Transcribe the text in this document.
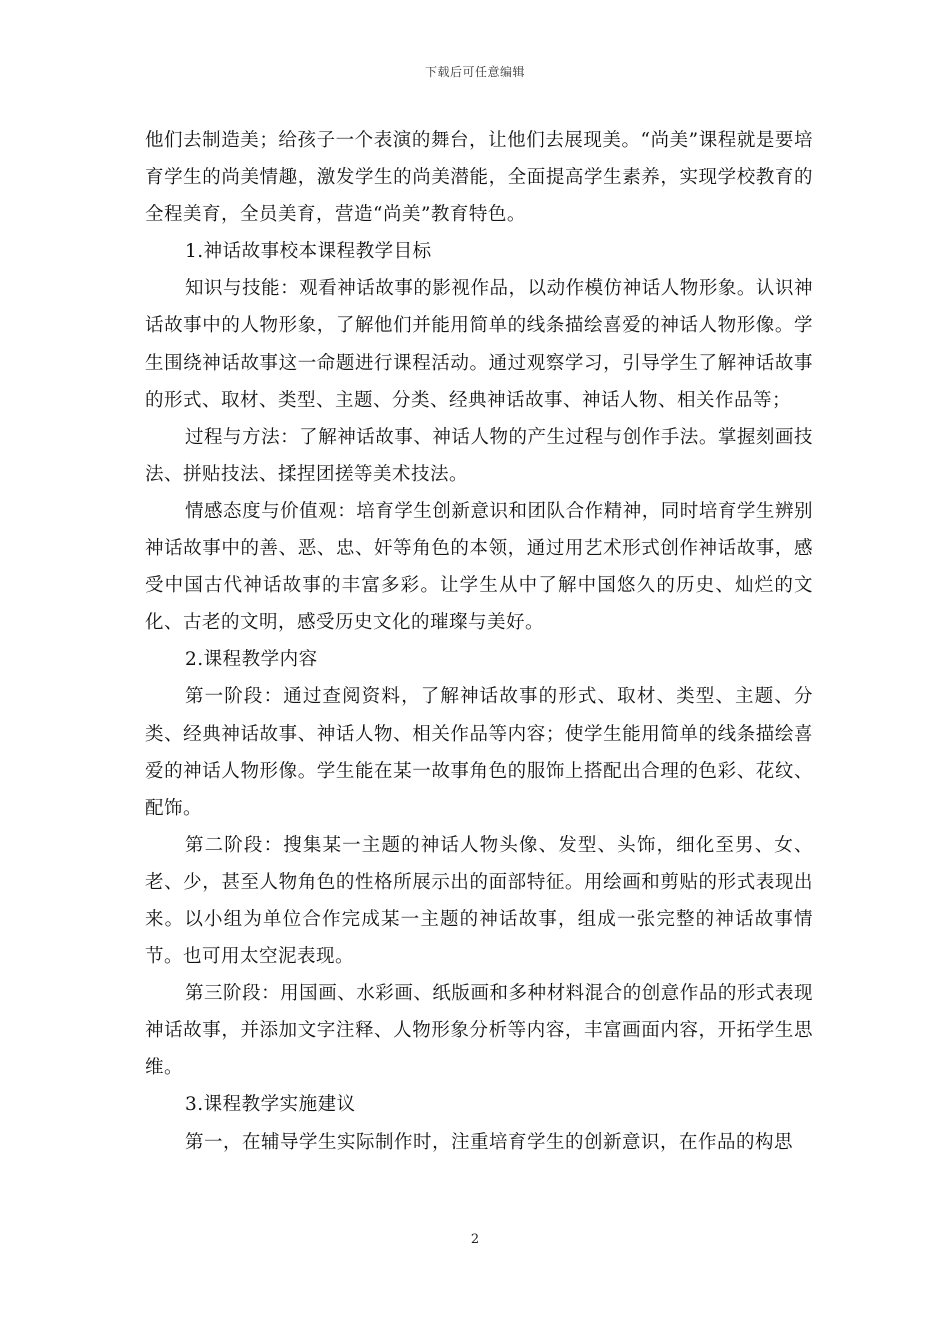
下载后可任意编辑

他们去制造美；给孩子一个表演的舞台，让他们去展现美。“尚美”课程就是要培育学生的尚美情趣，激发学生的尚美潜能，全面提高学生素养，实现学校教育的全程美育，全员美育，营造“尚美”教育特色。

1.神话故事校本课程教学目标

知识与技能：观看神话故事的影视作品，以动作模仿神话人物形象。认识神话故事中的人物形象，了解他们并能用简单的线条描绘喜爱的神话人物形像。学生围绕神话故事这一命题进行课程活动。通过观察学习，引导学生了解神话故事的形式、取材、类型、主题、分类、经典神话故事、神话人物、相关作品等；

过程与方法：了解神话故事、神话人物的产生过程与创作手法。掌握刻画技法、拼贴技法、揉捏团搓等美术技法。

情感态度与价值观：培育学生创新意识和团队合作精神，同时培育学生辨别神话故事中的善、恶、忠、奸等角色的本领，通过用艺术形式创作神话故事，感受中国古代神话故事的丰富多彩。让学生从中了解中国悠久的历史、灿烂的文化、古老的文明，感受历史文化的璀璨与美好。

2.课程教学内容

第一阶段：通过查阅资料，了解神话故事的形式、取材、类型、主题、分类、经典神话故事、神话人物、相关作品等内容；使学生能用简单的线条描绘喜爱的神话人物形像。学生能在某一故事角色的服饰上搭配出合理的色彩、花纹、配饰。

第二阶段：搜集某一主题的神话人物头像、发型、头饰，细化至男、女、老、少，甚至人物角色的性格所展示出的面部特征。用绘画和剪贴的形式表现出来。以小组为单位合作完成某一主题的神话故事，组成一张完整的神话故事情节。也可用太空泥表现。

第三阶段：用国画、水彩画、纸版画和多种材料混合的创意作品的形式表现神话故事，并添加文字注释、人物形象分析等内容，丰富画面内容，开拓学生思维。

3.课程教学实施建议

第一，在辅导学生实际制作时，注重培育学生的创新意识，在作品的构思

2
